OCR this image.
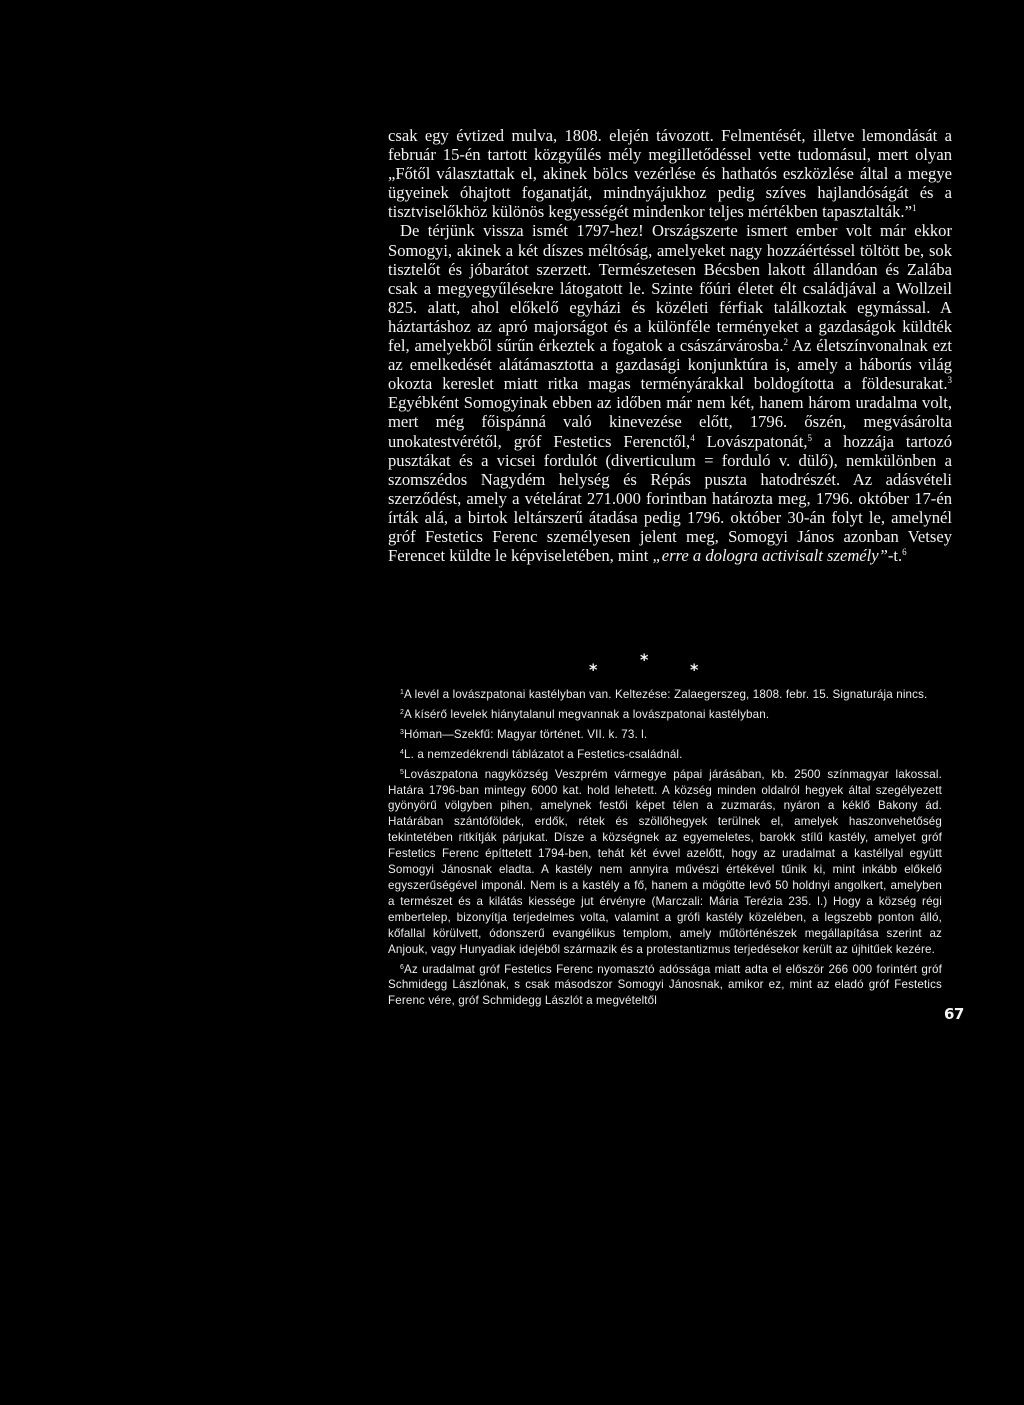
csak egy évtized mulva, 1808. elején távozott. Felmentését, illetve lemondását a február 15-én tartott közgyűlés mély megilletődéssel vette tudomásul, mert olyan „Főtől választattak el, akinek bölcs vezérlése és hathatós eszközlése által a megye ügyeinek óhajtott foganatját, mindnyájukhoz pedig szíves hajlandóságát és a tisztviselőkhöz különös kegyességét mindenkor teljes mértékben tapasztalták.”$^1$

De térjünk vissza ismét 1797-hez! Országszerte ismert ember volt már ekkor Somogyi, akinek a két díszes méltóság, amelyeket nagy hozzáértéssel töltött be, sok tisztelőt és jóbarátot szerzett. Természetesen Bécsben lakott állandóan és Zalába csak a megyegyűlésekre látogatott le. Szinte főúri életet élt családjával a Wollzeil 825. alatt, ahol előkelő egyházi és közéleti férfiak találkoztak egymással. A háztartáshoz az apró majorságot és a különféle terményeket a gazdaságok küldték fel, amelyekből sűrűn érkeztek a fogatok a császárvárosba.$^2$ Az életszínvonalnak ezt az emelkedését alátámasztotta a gazdasági konjunktúra is, amely a háborús világ okozta kereslet miatt ritka magas terményárakkal boldogította a földesurakat.$^3$ Egyébként Somogyinak ebben az időben már nem két, hanem három uradalma volt, mert még főispánná való kinevezése előtt, 1796. őszén, megvásárolta unokatestvérétől, gróf Festetics Ferenctől,$^4$ Lovászpatonát,$^5$ a hozzája tartozó pusztákat és a vicsei fordulót (diverticulum = forduló v. dülő), nemkülönben a szomszédos Nagydém helység és Répás puszta hatodrészét. Az adásvételi szerződést, amely a vételárat 271.000 forintban határozta meg, 1796. október 17-én írták alá, a birtok leltárszerű átadása pedig 1796. október 30-án folyt le, amelynél gróf Festetics Ferenc személyesen jelent meg, Somogyi János azonban Vetsey Ferencet küldte le képviseletében, mint „erre a dologra activisalt személy”-t.$^6$

*
*	*

$^1$A levél a lovászpatonai kastélyban van. Keltezése: Zalaegerszeg, 1808. febr. 15. Signaturája nincs.

$^2$A kísérő levelek hiánytalanul megvannak a lovászpatonai kastélyban.

$^3$Hóman—Szekfű: Magyar történet. VII. k. 73. l.

$^4$L. a nemzedékrendi táblázatot a Festetics-családnál.

$^5$Lovászpatona nagyközség Veszprém vármegye pápai járásában, kb. 2500 színmagyar lakossal. Határa 1796-ban mintegy 6000 kat. hold lehetett. A község minden oldalról hegyek által szegélyezett gyönyörű völgyben pihen, amelynek festői képet télen a zuzmarás, nyáron a kéklő Bakony ád. Határában szántóföldek, erdők, rétek és szöllőhegyek terülnek el, amelyek haszonvehetőség tekintetében ritkítják párjukat. Dísze a községnek az egyemeletes, barokk stílű kastély, amelyet gróf Festetics Ferenc építtetett 1794-ben, tehát két évvel azelőtt, hogy az uradalmat a kastéllyal együtt Somogyi Jánosnak eladta. A kastély nem annyira művészi értékével tűnik ki, mint inkább előkelő egyszerűségével imponál. Nem is a kastély a fő, hanem a mögötte levő 50 holdnyi angolkert, amelyben a természet és a kilátás kiessége jut érvényre (Marczali: Mária Terézia 235. l.) Hogy a község régi embertelep, bizonyítja terjedelmes volta, valamint a grófi kastély közelében, a legszebb ponton álló, kőfallal körülvett, ódonszerű evangélikus templom, amely műtörténészek megállapítása szerint az Anjouk, vagy Hunyadiak idejéből származik és a protestantizmus terjedésekor került az újhitűek kezére.

$^6$Az uradalmat gróf Festetics Ferenc nyomasztó adóssága miatt adta el először 266 000 forintért gróf Schmidegg Lászlónak, s csak másodszor Somogyi Jánosnak, amikor ez, mint az eladó gróf Festetics Ferenc vére, gróf Schmidegg Lászlót a megvételtől

67
